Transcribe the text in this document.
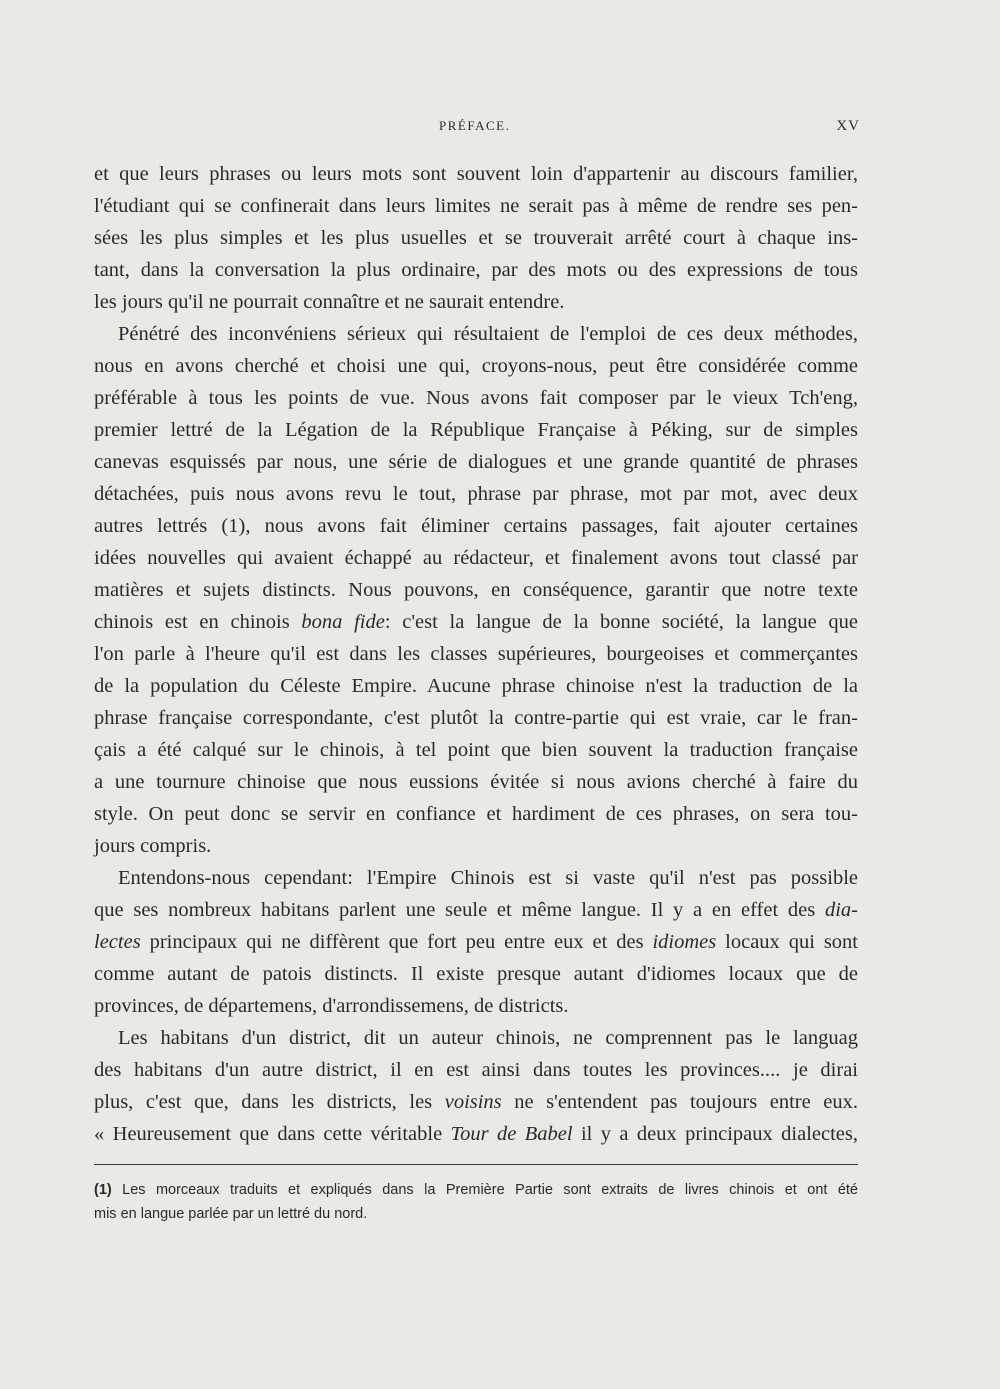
PRÉFACE.	XV
et que leurs phrases ou leurs mots sont souvent loin d'appartenir au discours familier,
l'étudiant qui se confinerait dans leurs limites ne serait pas à même de rendre ses pen-
sées les plus simples et les plus usuelles et se trouverait arrêté court à chaque ins-
tant, dans la conversation la plus ordinaire, par des mots ou des expressions de tous
les jours qu'il ne pourrait connaître et ne saurait entendre.
Pénétré des inconvéniens sérieux qui résultaient de l'emploi de ces deux méthodes,
nous en avons cherché et choisi une qui, croyons-nous, peut être considérée comme
préférable à tous les points de vue. Nous avons fait composer par le vieux Tch'eng,
premier lettré de la Légation de la République Française à Péking, sur de simples
canevas esquissés par nous, une série de dialogues et une grande quantité de phrases
détachées, puis nous avons revu le tout, phrase par phrase, mot par mot, avec deux
autres lettrés (1), nous avons fait éliminer certains passages, fait ajouter certaines
idées nouvelles qui avaient échappé au rédacteur, et finalement avons tout classé par
matières et sujets distincts. Nous pouvons, en conséquence, garantir que notre texte
chinois est en chinois bona fide: c'est la langue de la bonne société, la langue que
l'on parle à l'heure qu'il est dans les classes supérieures, bourgeoises et commerçantes
de la population du Céleste Empire. Aucune phrase chinoise n'est la traduction de la
phrase française correspondante, c'est plutôt la contre-partie qui est vraie, car le fran-
çais a été calqué sur le chinois, à tel point que bien souvent la traduction française
a une tournure chinoise que nous eussions évitée si nous avions cherché à faire du
style. On peut donc se servir en confiance et hardiment de ces phrases, on sera tou-
jours compris.
Entendons-nous cependant: l'Empire Chinois est si vaste qu'il n'est pas possible
que ses nombreux habitans parlent une seule et même langue. Il y a en effet des dia-
lectes principaux qui ne diffèrent que fort peu entre eux et des idiomes locaux qui sont
comme autant de patois distincts. Il existe presque autant d'idiomes locaux que de
provinces, de départemens, d'arrondissemens, de districts.
Les habitans d'un district, dit un auteur chinois, ne comprennent pas le languag
des habitans d'un autre district, il en est ainsi dans toutes les provinces.... je dirai
plus, c'est que, dans les districts, les voisins ne s'entendent pas toujours entre eux.
« Heureusement que dans cette véritable Tour de Babel il y a deux principaux dialectes,
(1) Les morceaux traduits et expliqués dans la Première Partie sont extraits de livres chinois et ont été
mis en langue parlée par un lettré du nord.
